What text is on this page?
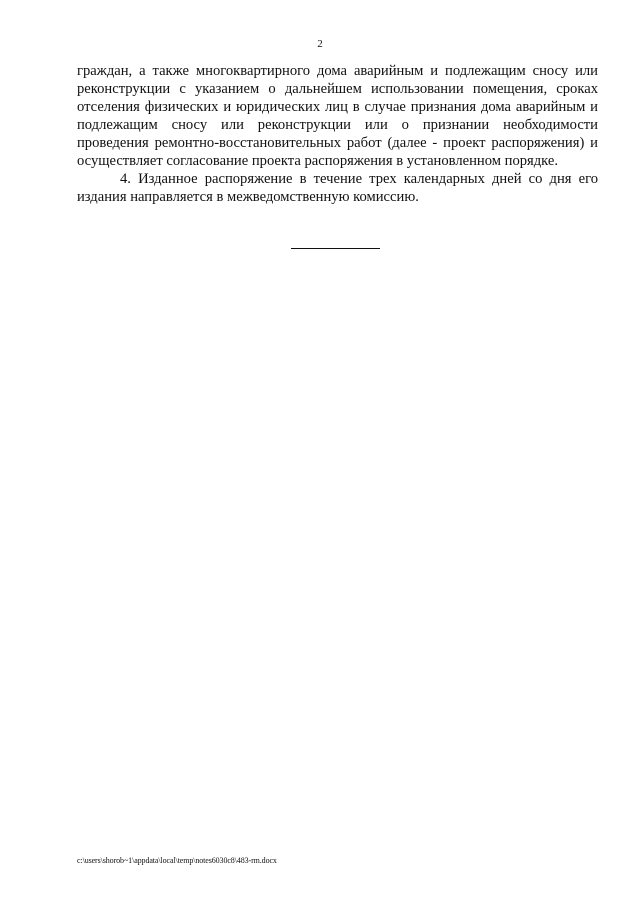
2

граждан, а также многоквартирного дома аварийным и подлежащим сносу или реконструкции с указанием о дальнейшем использовании помещения, сроках отселения физических и юридических лиц в случае признания дома аварийным и подлежащим сносу или реконструкции или о признании необходимости проведения ремонтно-восстановительных работ (далее - проект распоряжения) и осуществляет согласование проекта распоряжения в установленном порядке.

4. Изданное распоряжение в течение трех календарных дней со дня его издания направляется в межведомственную комиссию.

c:\users\shorob~1\appdata\local\temp\notes6030c8\483-rm.docx
